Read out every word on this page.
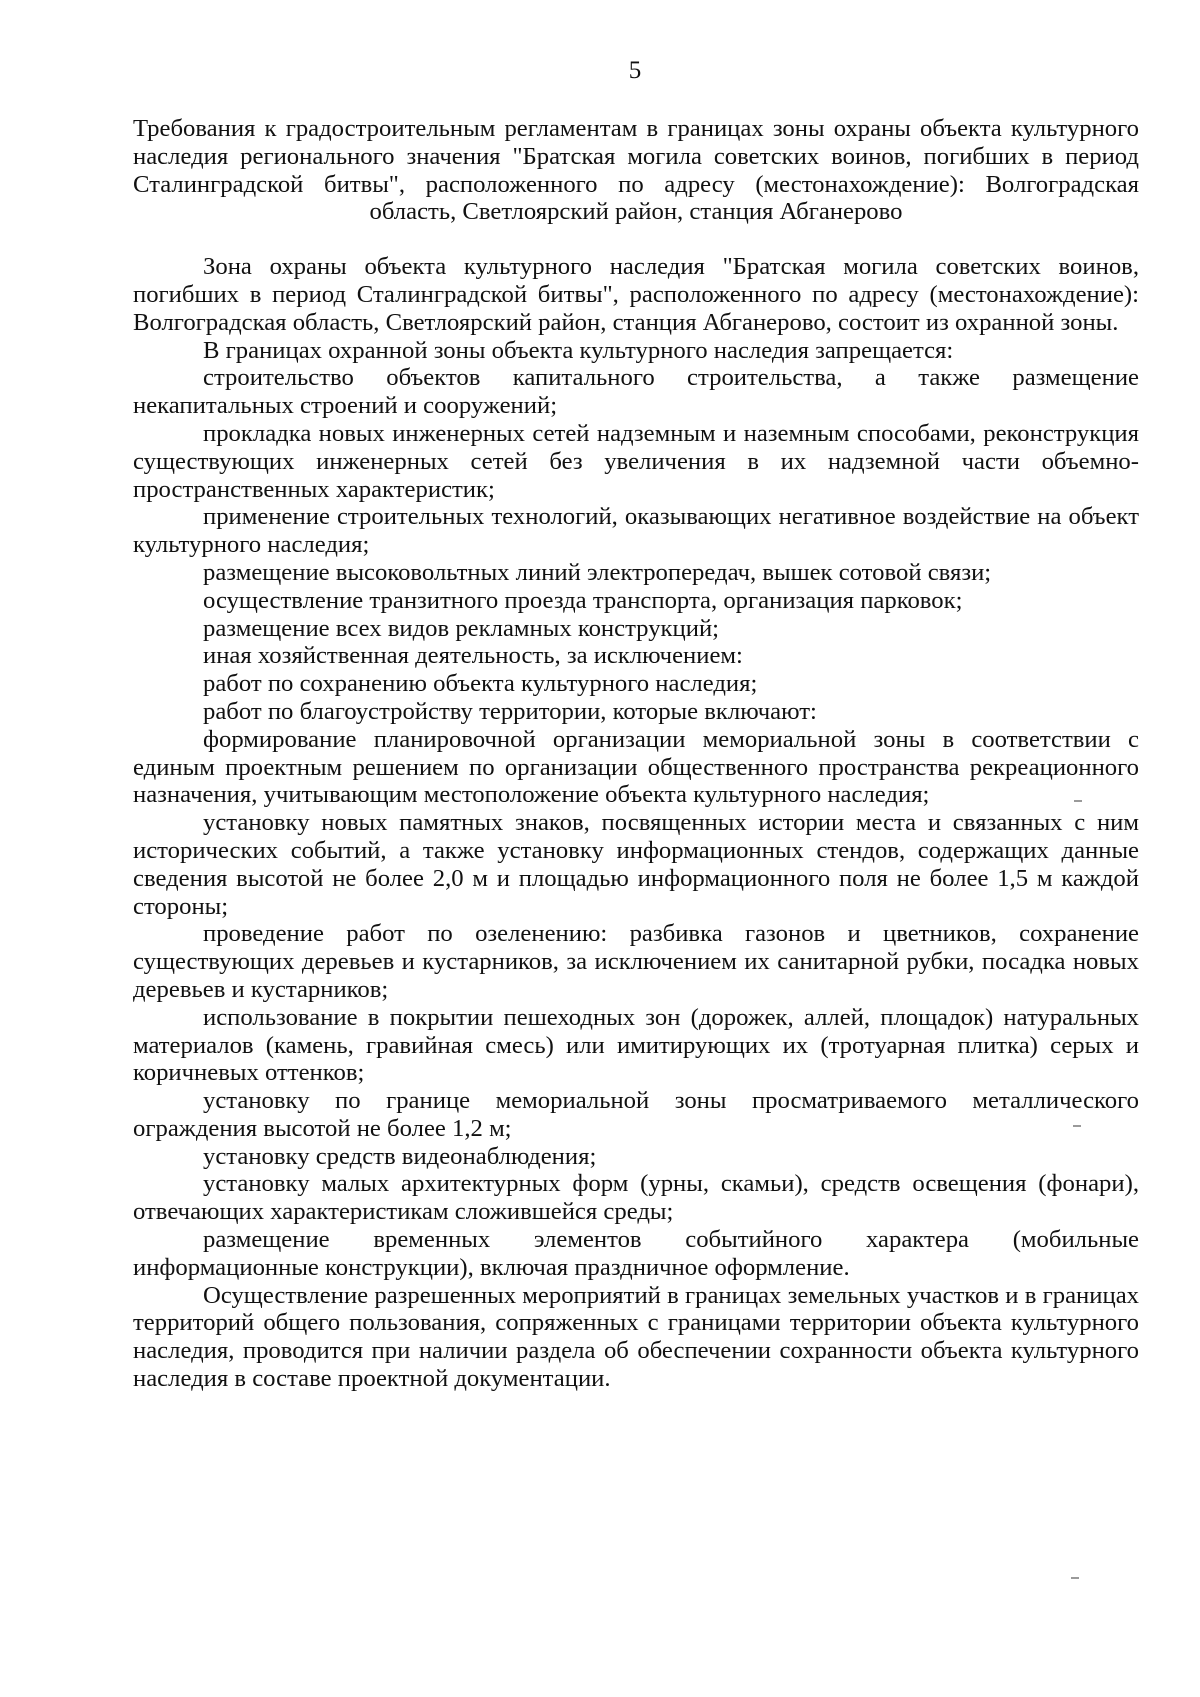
5
Требования к градостроительным регламентам в границах зоны охраны объекта культурного наследия регионального значения "Братская могила советских воинов, погибших в период Сталинградской битвы", расположенного по адресу (местонахождение): Волгоградская область, Светлоярский район, станция Абганерово

Зона охраны объекта культурного наследия "Братская могила советских воинов, погибших в период Сталинградской битвы", расположенного по адресу (местонахождение): Волгоградская область, Светлоярский район, станция Абганерово, состоит из охранной зоны.

В границах охранной зоны объекта культурного наследия запрещается:

строительство объектов капитального строительства, а также размещение некапитальных строений и сооружений;

прокладка новых инженерных сетей надземным и наземным способами, реконструкция существующих инженерных сетей без увеличения в их надземной части объемно-пространственных характеристик;

применение строительных технологий, оказывающих негативное воздействие на объект культурного наследия;

размещение высоковольтных линий электропередач, вышек сотовой связи;

осуществление транзитного проезда транспорта, организация парковок;

размещение всех видов рекламных конструкций;

иная хозяйственная деятельность, за исключением:

работ по сохранению объекта культурного наследия;

работ по благоустройству территории, которые включают:

формирование планировочной организации мемориальной зоны в соответствии с единым проектным решением по организации общественного пространства рекреационного назначения, учитывающим местоположение объекта культурного наследия;

установку новых памятных знаков, посвященных истории места и связанных с ним исторических событий, а также установку информационных стендов, содержащих данные сведения высотой не более 2,0 м и площадью информационного поля не более 1,5 м каждой стороны;

проведение работ по озеленению: разбивка газонов и цветников, сохранение существующих деревьев и кустарников, за исключением их санитарной рубки, посадка новых деревьев и кустарников;

использование в покрытии пешеходных зон (дорожек, аллей, площадок) натуральных материалов (камень, гравийная смесь) или имитирующих их (тротуарная плитка) серых и коричневых оттенков;

установку по границе мемориальной зоны просматриваемого металлического ограждения высотой не более 1,2 м;

установку средств видеонаблюдения;

установку малых архитектурных форм (урны, скамьи), средств освещения (фонари), отвечающих характеристикам сложившейся среды;

размещение временных элементов событийного характера (мобильные информационные конструкции), включая праздничное оформление.

Осуществление разрешенных мероприятий в границах земельных участков и в границах территорий общего пользования, сопряженных с границами территории объекта культурного наследия, проводится при наличии раздела об обеспечении сохранности объекта культурного наследия в составе проектной документации.
